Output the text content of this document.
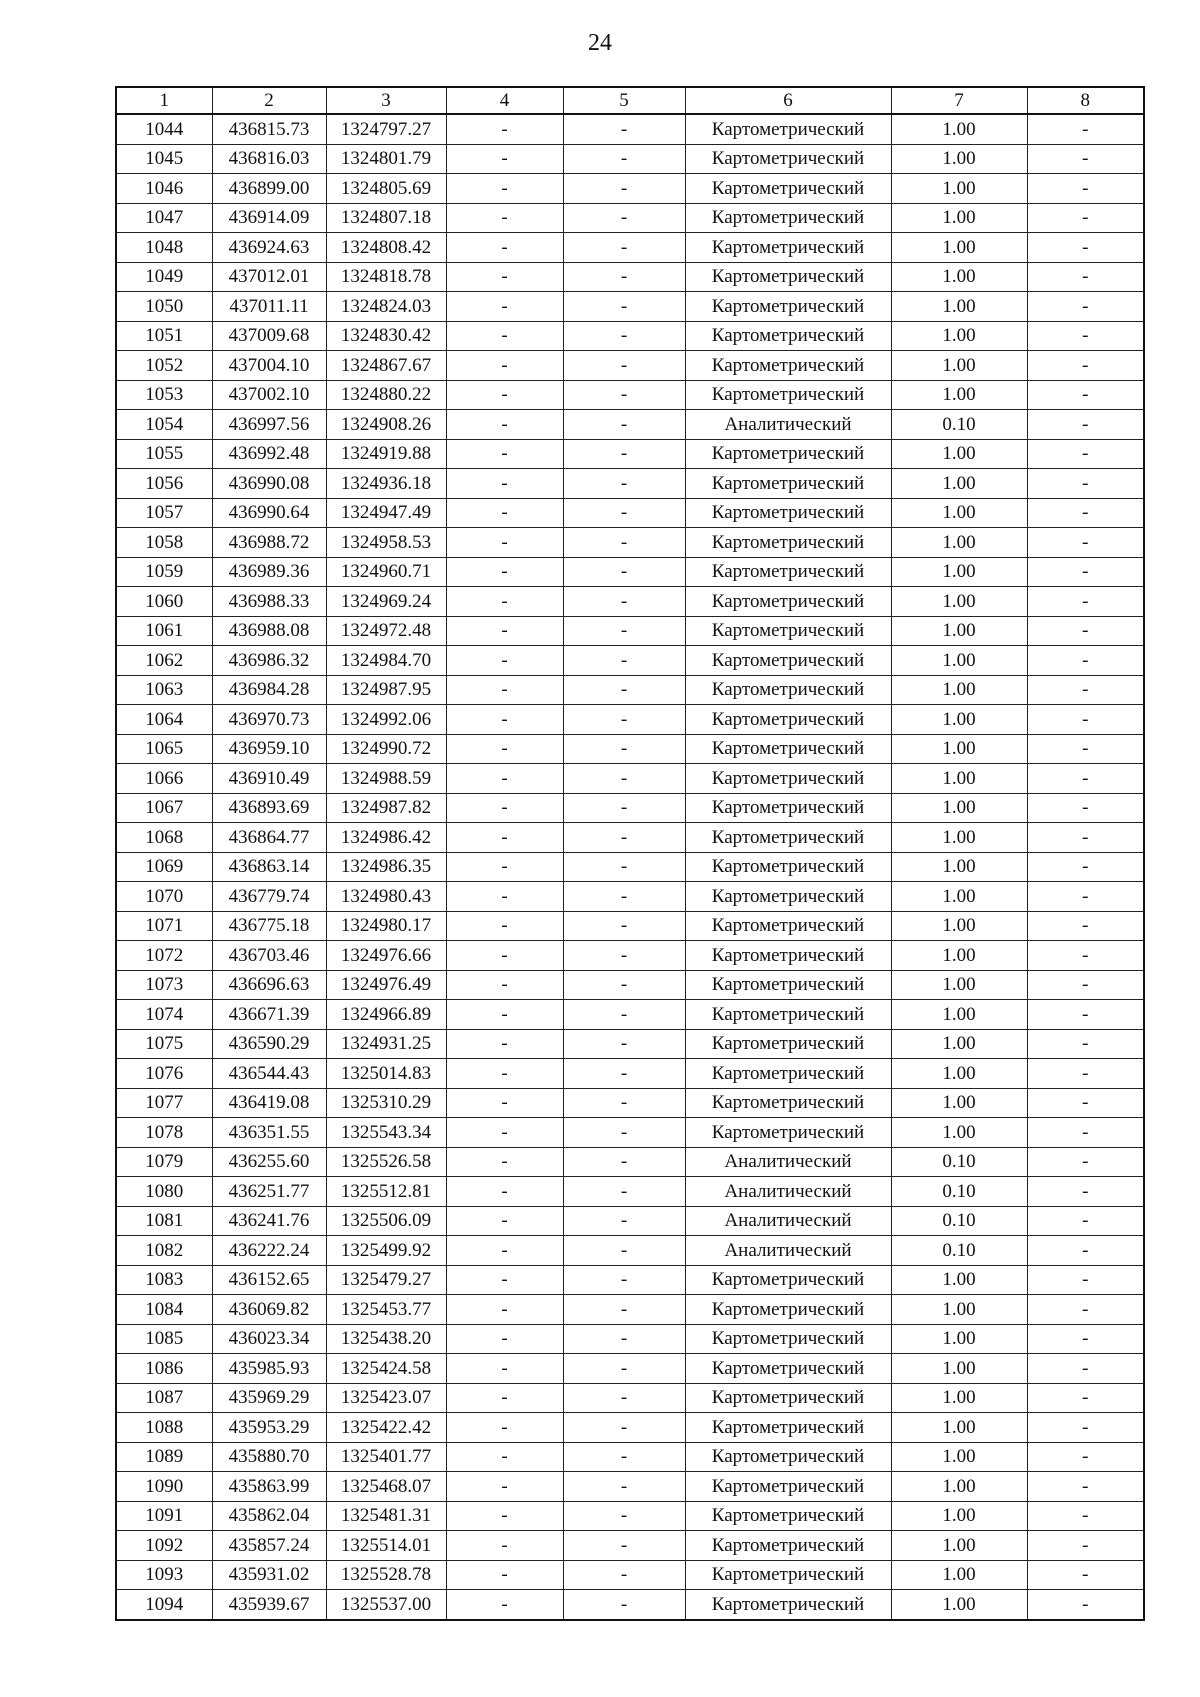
24
1	2	3	4	5	6	7	8
1044	436815.73	1324797.27	-	-	Картометрический	1.00	-
1045	436816.03	1324801.79	-	-	Картометрический	1.00	-
1046	436899.00	1324805.69	-	-	Картометрический	1.00	-
1047	436914.09	1324807.18	-	-	Картометрический	1.00	-
1048	436924.63	1324808.42	-	-	Картометрический	1.00	-
1049	437012.01	1324818.78	-	-	Картометрический	1.00	-
1050	437011.11	1324824.03	-	-	Картометрический	1.00	-
1051	437009.68	1324830.42	-	-	Картометрический	1.00	-
1052	437004.10	1324867.67	-	-	Картометрический	1.00	-
1053	437002.10	1324880.22	-	-	Картометрический	1.00	-
1054	436997.56	1324908.26	-	-	Аналитический	0.10	-
1055	436992.48	1324919.88	-	-	Картометрический	1.00	-
1056	436990.08	1324936.18	-	-	Картометрический	1.00	-
1057	436990.64	1324947.49	-	-	Картометрический	1.00	-
1058	436988.72	1324958.53	-	-	Картометрический	1.00	-
1059	436989.36	1324960.71	-	-	Картометрический	1.00	-
1060	436988.33	1324969.24	-	-	Картометрический	1.00	-
1061	436988.08	1324972.48	-	-	Картометрический	1.00	-
1062	436986.32	1324984.70	-	-	Картометрический	1.00	-
1063	436984.28	1324987.95	-	-	Картометрический	1.00	-
1064	436970.73	1324992.06	-	-	Картометрический	1.00	-
1065	436959.10	1324990.72	-	-	Картометрический	1.00	-
1066	436910.49	1324988.59	-	-	Картометрический	1.00	-
1067	436893.69	1324987.82	-	-	Картометрический	1.00	-
1068	436864.77	1324986.42	-	-	Картометрический	1.00	-
1069	436863.14	1324986.35	-	-	Картометрический	1.00	-
1070	436779.74	1324980.43	-	-	Картометрический	1.00	-
1071	436775.18	1324980.17	-	-	Картометрический	1.00	-
1072	436703.46	1324976.66	-	-	Картометрический	1.00	-
1073	436696.63	1324976.49	-	-	Картометрический	1.00	-
1074	436671.39	1324966.89	-	-	Картометрический	1.00	-
1075	436590.29	1324931.25	-	-	Картометрический	1.00	-
1076	436544.43	1325014.83	-	-	Картометрический	1.00	-
1077	436419.08	1325310.29	-	-	Картометрический	1.00	-
1078	436351.55	1325543.34	-	-	Картометрический	1.00	-
1079	436255.60	1325526.58	-	-	Аналитический	0.10	-
1080	436251.77	1325512.81	-	-	Аналитический	0.10	-
1081	436241.76	1325506.09	-	-	Аналитический	0.10	-
1082	436222.24	1325499.92	-	-	Аналитический	0.10	-
1083	436152.65	1325479.27	-	-	Картометрический	1.00	-
1084	436069.82	1325453.77	-	-	Картометрический	1.00	-
1085	436023.34	1325438.20	-	-	Картометрический	1.00	-
1086	435985.93	1325424.58	-	-	Картометрический	1.00	-
1087	435969.29	1325423.07	-	-	Картометрический	1.00	-
1088	435953.29	1325422.42	-	-	Картометрический	1.00	-
1089	435880.70	1325401.77	-	-	Картометрический	1.00	-
1090	435863.99	1325468.07	-	-	Картометрический	1.00	-
1091	435862.04	1325481.31	-	-	Картометрический	1.00	-
1092	435857.24	1325514.01	-	-	Картометрический	1.00	-
1093	435931.02	1325528.78	-	-	Картометрический	1.00	-
1094	435939.67	1325537.00	-	-	Картометрический	1.00	-
